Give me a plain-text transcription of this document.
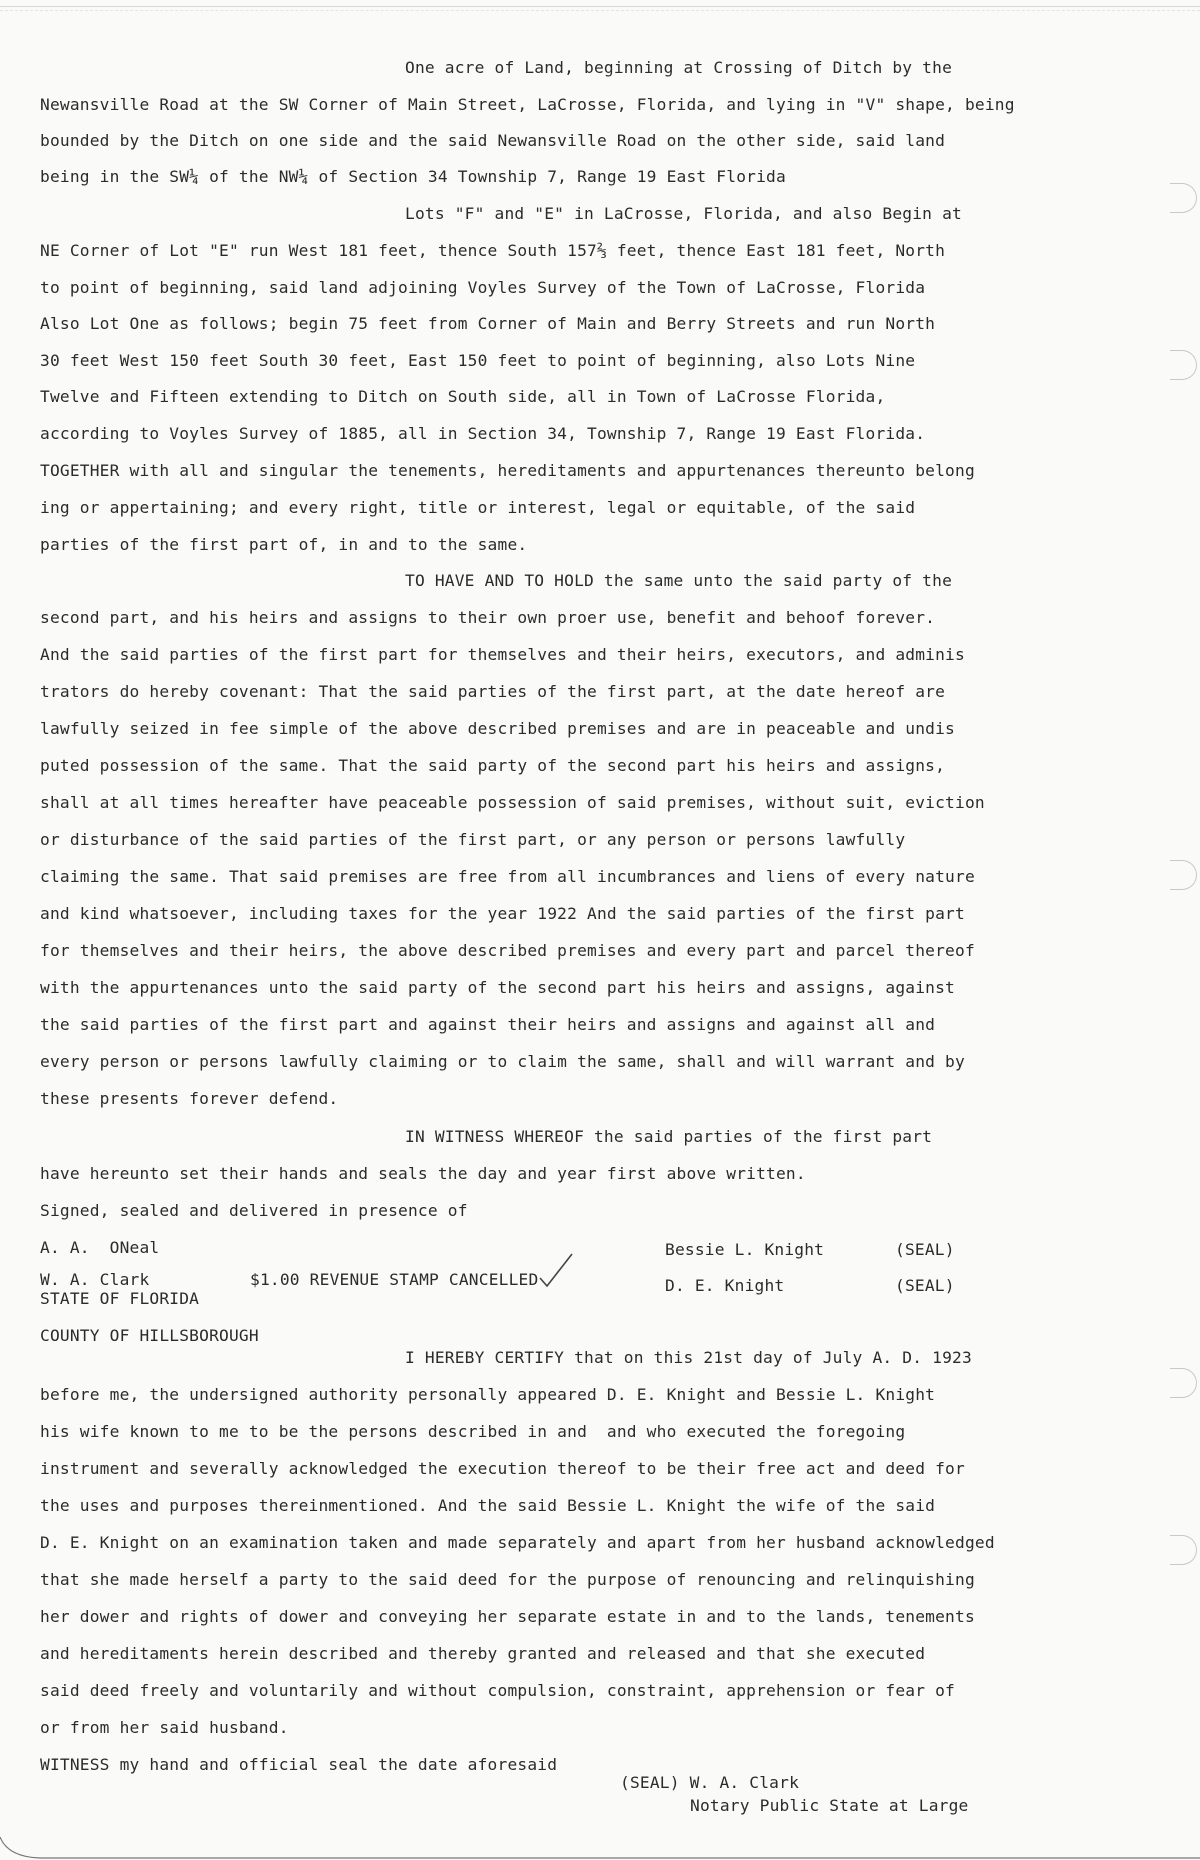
One acre of Land, beginning at Crossing of Ditch by the
Newansville Road at the SW Corner of Main Street, LaCrosse, Florida, and lying in "V" shape, being
bounded by the Ditch on one side and the said Newansville Road on the other side, said land
being in the SW¼ of the NW¼ of Section 34 Township 7, Range 19 East Florida
Lots "F" and "E" in LaCrosse, Florida, and also Begin at
NE Corner of Lot "E" run West 181 feet, thence South 157⅔ feet, thence East 181 feet, North
to point of beginning, said land adjoining Voyles Survey of the Town of LaCrosse, Florida
Also Lot One as follows; begin 75 feet from Corner of Main and Berry Streets and run North
30 feet West 150 feet South 30 feet, East 150 feet to point of beginning, also Lots Nine
Twelve and Fifteen extending to Ditch on South side, all in Town of LaCrosse Florida,
according to Voyles Survey of 1885, all in Section 34, Township 7, Range 19 East Florida.
TOGETHER with all and singular the tenements, hereditaments and appurtenances thereunto belong
ing or appertaining; and every right, title or interest, legal or equitable, of the said
parties of the first part of, in and to the same.
TO HAVE AND TO HOLD the same unto the said party of the
second part, and his heirs and assigns to their own proer use, benefit and behoof forever.
And the said parties of the first part for themselves and their heirs, executors, and adminis
trators do hereby covenant: That the said parties of the first part, at the date hereof are
lawfully seized in fee simple of the above described premises and are in peaceable and undis
puted possession of the same. That the said party of the second part his heirs and assigns,
shall at all times hereafter have peaceable possession of said premises, without suit, eviction
or disturbance of the said parties of the first part, or any person or persons lawfully
claiming the same. That said premises are free from all incumbrances and liens of every nature
and kind whatsoever, including taxes for the year 1922 And the said parties of the first part
for themselves and their heirs, the above described premises and every part and parcel thereof
with the appurtenances unto the said party of the second part his heirs and assigns, against
the said parties of the first part and against their heirs and assigns and against all and
every person or persons lawfully claiming or to claim the same, shall and will warrant and by
these presents forever defend.
IN WITNESS WHEREOF the said parties of the first part
have hereunto set their hands and seals the day and year first above written.
Signed, sealed and delivered in presence of
A. A.  ONeal
W. A. Clark	$1.00 REVENUE STAMP CANCELLED
Bessie L. Knight	(SEAL)
D. E. Knight	(SEAL)
STATE OF FLORIDA
COUNTY OF HILLSBOROUGH
I HEREBY CERTIFY that on this 21st day of July A. D. 1923
before me, the undersigned authority personally appeared D. E. Knight and Bessie L. Knight
his wife known to me to be the persons described in and  and who executed the foregoing
instrument and severally acknowledged the execution thereof to be their free act and deed for
the uses and purposes thereinmentioned. And the said Bessie L. Knight the wife of the said
D. E. Knight on an examination taken and made separately and apart from her husband acknowledged
that she made herself a party to the said deed for the purpose of renouncing and relinquishing
her dower and rights of dower and conveying her separate estate in and to the lands, tenements
and hereditaments herein described and thereby granted and released and that she executed
said deed freely and voluntarily and without compulsion, constraint, apprehension or fear of
or from her said husband.
WITNESS my hand and official seal the date aforesaid
(SEAL) W. A. Clark
Notary Public State at Large
